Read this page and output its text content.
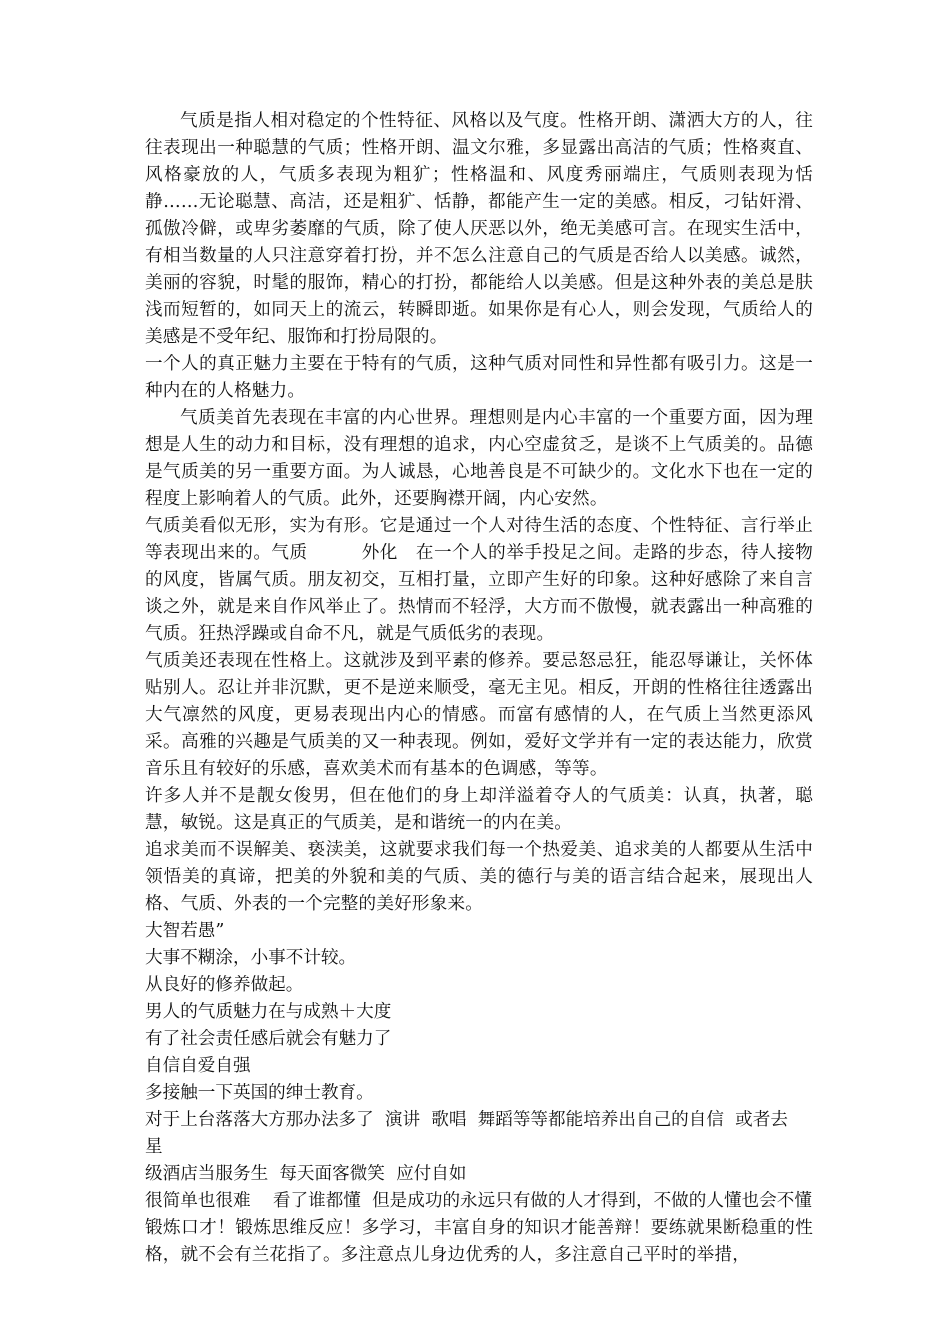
气质是指人相对稳定的个性特征、风格以及气度。性格开朗、潇洒大方的人，往往表现出一种聪慧的气质；性格开朗、温文尔雅，多显露出高洁的气质；性格爽直、风格豪放的人，气质多表现为粗犷；性格温和、风度秀丽端庄，气质则表现为恬静……无论聪慧、高洁，还是粗犷、恬静，都能产生一定的美感。相反，刁钻奸滑、孤傲冷僻，或卑劣萎靡的气质，除了使人厌恶以外，绝无美感可言。在现实生活中，有相当数量的人只注意穿着打扮，并不怎么注意自己的气质是否给人以美感。诚然，美丽的容貌，时髦的服饰，精心的打扮，都能给人以美感。但是这种外表的美总是肤浅而短暂的，如同天上的流云，转瞬即逝。如果你是有心人，则会发现，气质给人的美感是不受年纪、服饰和打扮局限的。

一个人的真正魅力主要在于特有的气质，这种气质对同性和异性都有吸引力。这是一种内在的人格魅力。

气质美首先表现在丰富的内心世界。理想则是内心丰富的一个重要方面，因为理想是人生的动力和目标，没有理想的追求，内心空虚贫乏，是谈不上气质美的。品德是气质美的另一重要方面。为人诚恳，心地善良是不可缺少的。文化水下也在一定的程度上影响着人的气质。此外，还要胸襟开阔，内心安然。

气质美看似无形，实为有形。它是通过一个人对待生活的态度、个性特征、言行举止等表现出来的。气质　　　外化　在一个人的举手投足之间。走路的步态，待人接物的风度，皆属气质。朋友初交，互相打量，立即产生好的印象。这种好感除了来自言谈之外，就是来自作风举止了。热情而不轻浮，大方而不傲慢，就表露出一种高雅的气质。狂热浮躁或自命不凡，就是气质低劣的表现。

气质美还表现在性格上。这就涉及到平素的修养。要忌怒忌狂，能忍辱谦让，关怀体贴别人。忍让并非沉默，更不是逆来顺受，毫无主见。相反，开朗的性格往往透露出大气凛然的风度，更易表现出内心的情感。而富有感情的人，在气质上当然更添风采。高雅的兴趣是气质美的又一种表现。例如，爱好文学并有一定的表达能力，欣赏音乐且有较好的乐感，喜欢美术而有基本的色调感，等等。

许多人并不是靓女俊男，但在他们的身上却洋溢着夺人的气质美：认真，执著，聪慧，敏锐。这是真正的气质美，是和谐统一的内在美。

追求美而不误解美、亵渎美，这就要求我们每一个热爱美、追求美的人都要从生活中领悟美的真谛，把美的外貌和美的气质、美的德行与美的语言结合起来，展现出人格、气质、外表的一个完整的美好形象来。

大智若愚”

大事不糊涂，小事不计较。

从良好的修养做起。

男人的气质魅力在与成熟＋大度

有了社会责任感后就会有魅力了

自信自爱自强

多接触一下英国的绅士教育。

对于上台落落大方那办法多了  演讲  歌唱  舞蹈等等都能培养出自己的自信  或者去    星

级酒店当服务生  每天面客微笑  应付自如

很简单也很难    看了谁都懂  但是成功的永远只有做的人才得到，不做的人懂也会不懂

锻炼口才！锻炼思维反应！多学习，丰富自身的知识才能善辩！要练就果断稳重的性格，就不会有兰花指了。多注意点儿身边优秀的人，多注意自己平时的举措，
